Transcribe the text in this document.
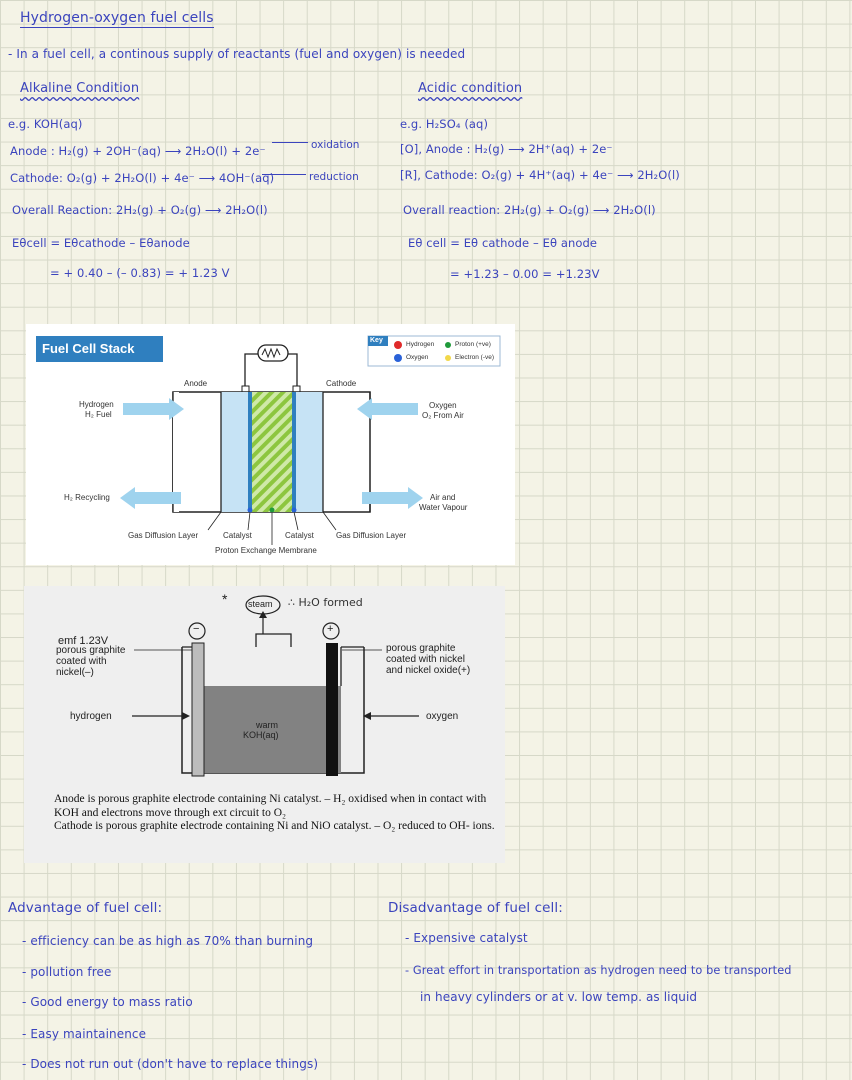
Hydrogen-oxygen fuel cells
- In a fuel cell, a continous supply of reactants (fuel and oxygen) is needed
Alkaline Condition
e.g. KOH(aq)
Anode : H₂(g) + 2OH⁻(aq) ⟶ 2H₂O(l) + 2e⁻	oxidation
Cathode: O₂(g) + 2H₂O(l) + 4e⁻ ⟶ 4OH⁻(aq)	reduction
Overall Reaction: 2H₂(g) + O₂(g) ⟶ 2H₂O(l)
Eθcell = Eθcathode – Eθanode
= + 0.40 – (– 0.83) = + 1.23 V
Acidic condition
e.g. H₂SO₄ (aq)
[O], Anode : H₂(g) ⟶ 2H⁺(aq) + 2e⁻
[R], Cathode: O₂(g) + 4H⁺(aq) + 4e⁻ ⟶ 2H₂O(l)
Overall reaction: 2H₂(g) + O₂(g) ⟶ 2H₂O(l)
Eθ cell = Eθ cathode – Eθ anode
= +1.23 – 0.00 = +1.23V
Fuel Cell Stack
Key
Hydrogen
Oxygen
Proton (+ve)
Electron (-ve)
Anode	Cathode
Hydrogen
H₂ Fuel
Oxygen
O₂ From Air
H₂ Recycling	Air and
Water Vapour
Gas Diffusion Layer	Catalyst	Catalyst	Gas Diffusion Layer
Proton Exchange Membrane
* steam ∴ H₂O formed
−	+
emf 1.23V
porous graphite
coated with
nickel(–)
porous graphite
coated with nickel
and nickel oxide(+)
hydrogen	oxygen
warm
KOH(aq)
Anode is porous graphite electrode containing Ni catalyst. – H₂ oxidised when in contact with KOH and electrons move through ext circuit to O₂
Cathode is porous graphite electrode containing Ni and NiO catalyst. – O₂ reduced to OH- ions.
Advantage of fuel cell:
- efficiency can be as high as 70% than burning
- pollution free
- Good energy to mass ratio
- Easy maintainence
- Does not run out (don't have to replace things)
Disadvantage of fuel cell:
- Expensive catalyst
- Great effort in transportation as hydrogen need to be transported
in heavy cylinders or at v. low temp. as liquid
